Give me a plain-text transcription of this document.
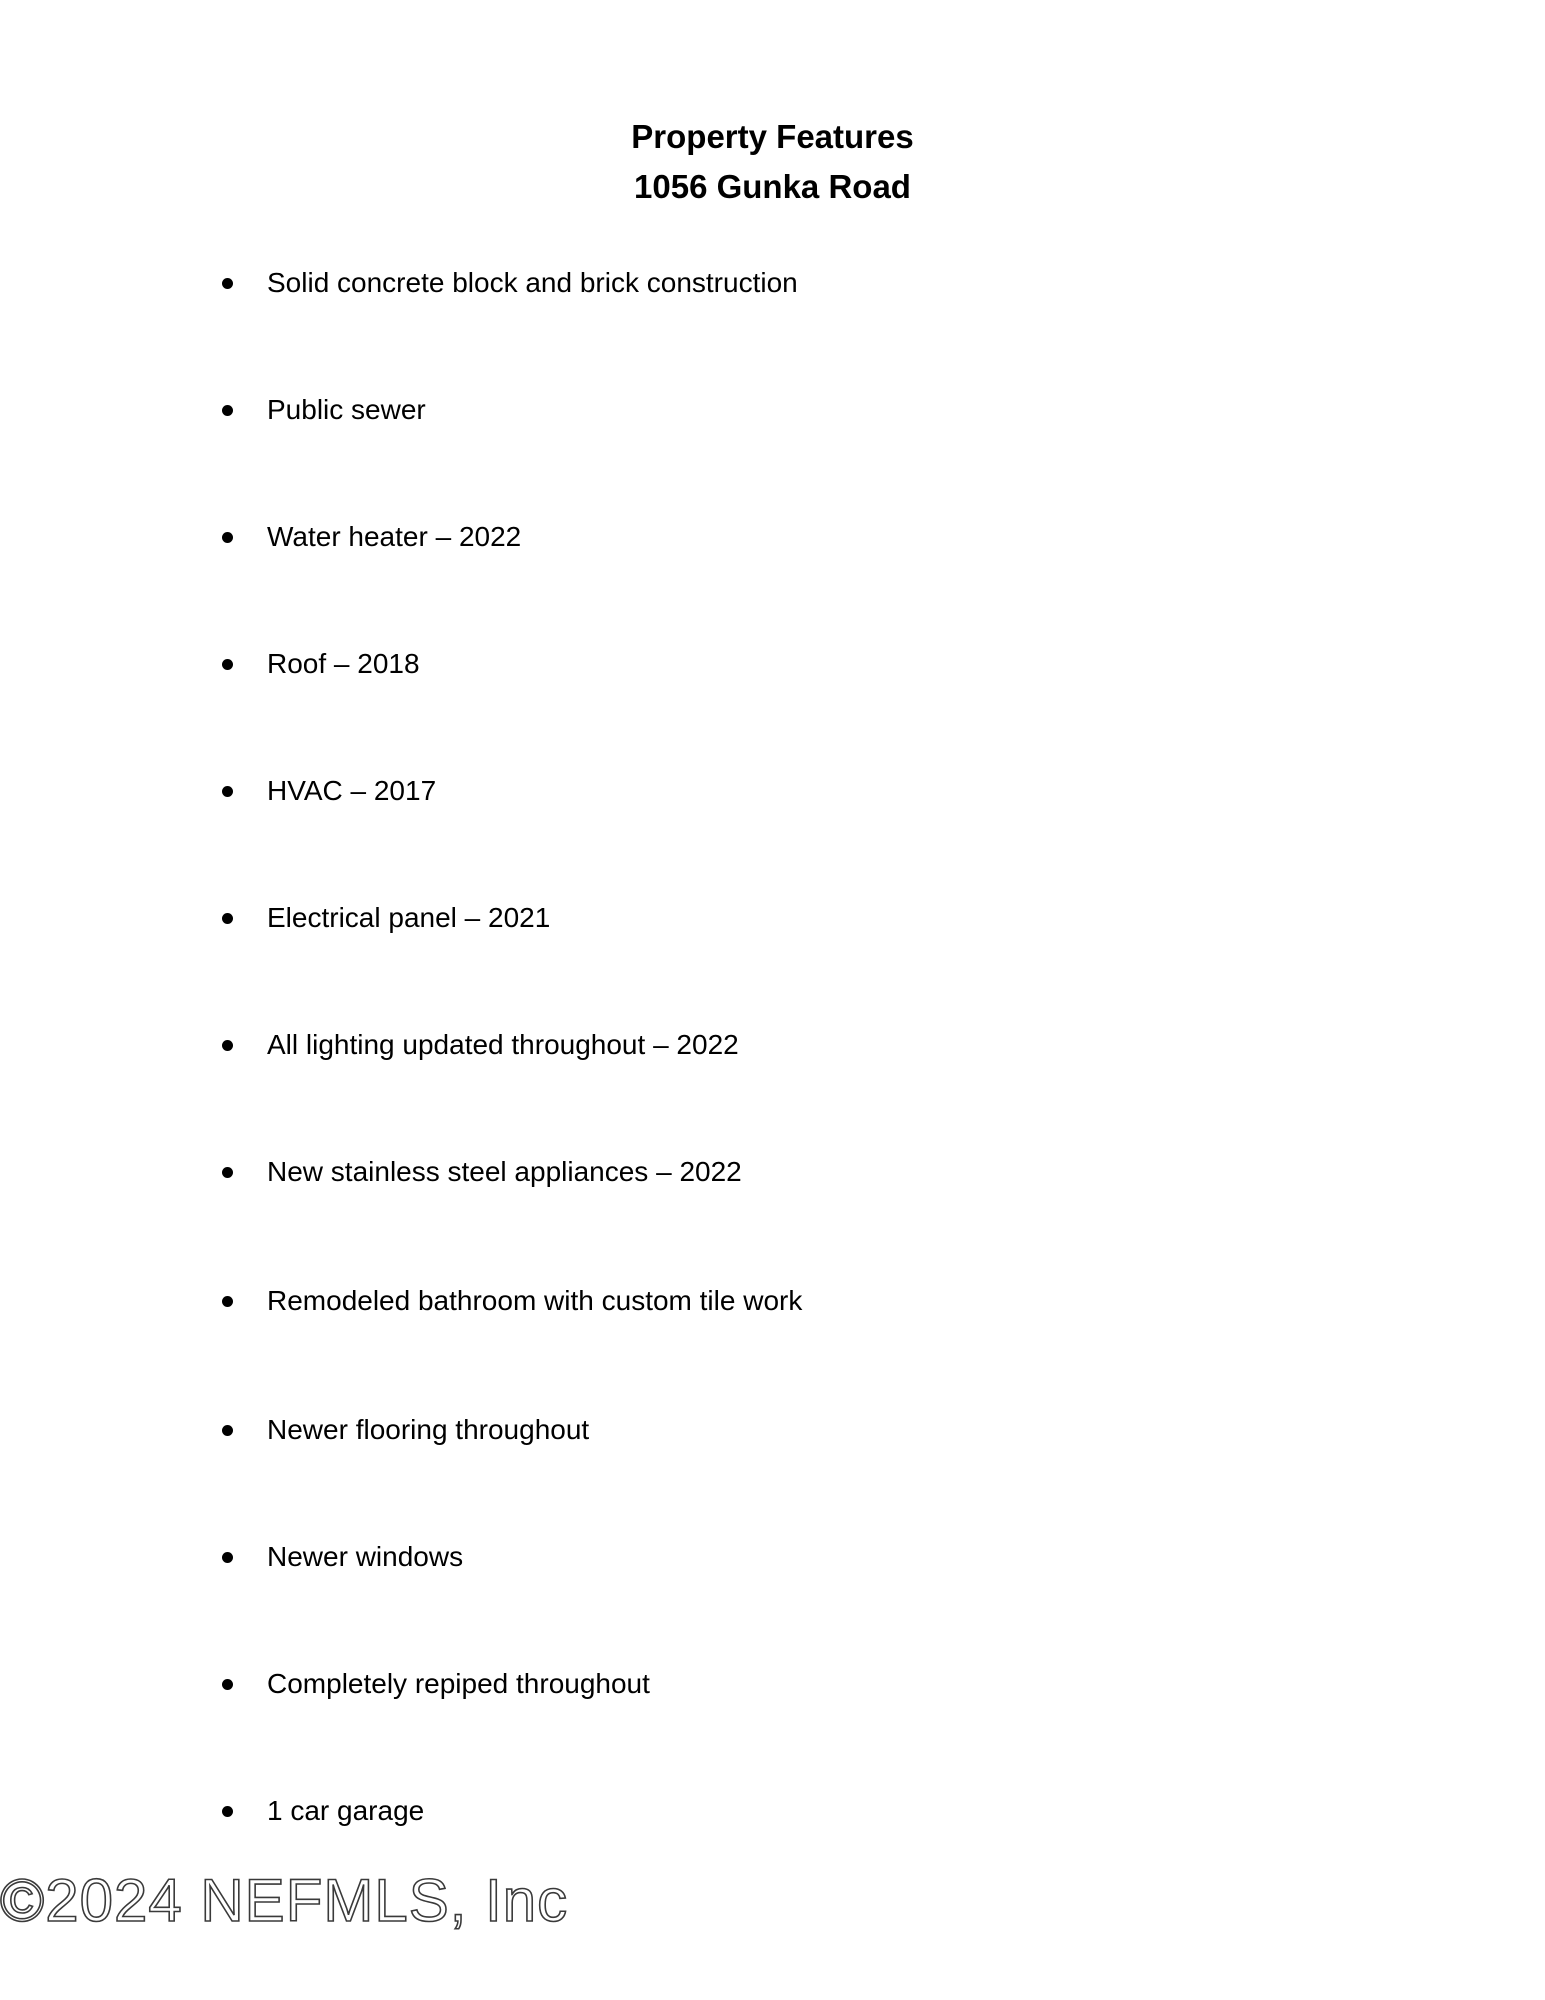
Property Features

1056 Gunka Road

Solid concrete block and brick construction
Public sewer
Water heater – 2022
Roof – 2018
HVAC – 2017
Electrical panel – 2021
All lighting updated throughout – 2022
New stainless steel appliances – 2022
Remodeled bathroom with custom tile work
Newer flooring throughout
Newer windows
Completely repiped throughout
1 car garage
©2024 NEFMLS, Inc
